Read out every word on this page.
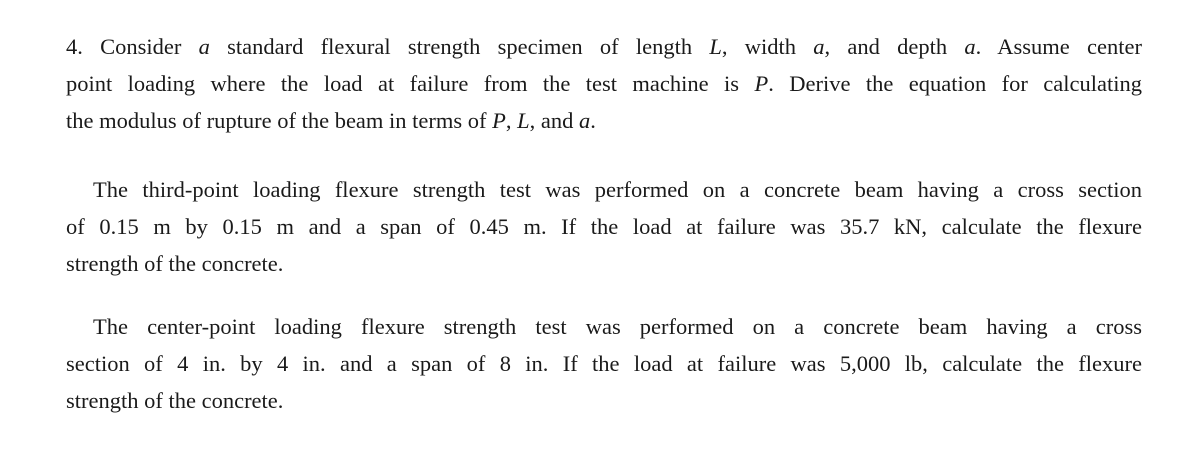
4. Consider a standard flexural strength specimen of length L, width a, and depth a. Assume center
point loading where the load at failure from the test machine is P. Derive the equation for calculating
the modulus of rupture of the beam in terms of P, L, and a.

The third-point loading flexure strength test was performed on a concrete beam having a cross section
of 0.15 m by 0.15 m and a span of 0.45 m. If the load at failure was 35.7 kN, calculate the flexure
strength of the concrete.

The center-point loading flexure strength test was performed on a concrete beam having a cross
section of 4 in. by 4 in. and a span of 8 in. If the load at failure was 5,000 lb, calculate the flexure
strength of the concrete.
